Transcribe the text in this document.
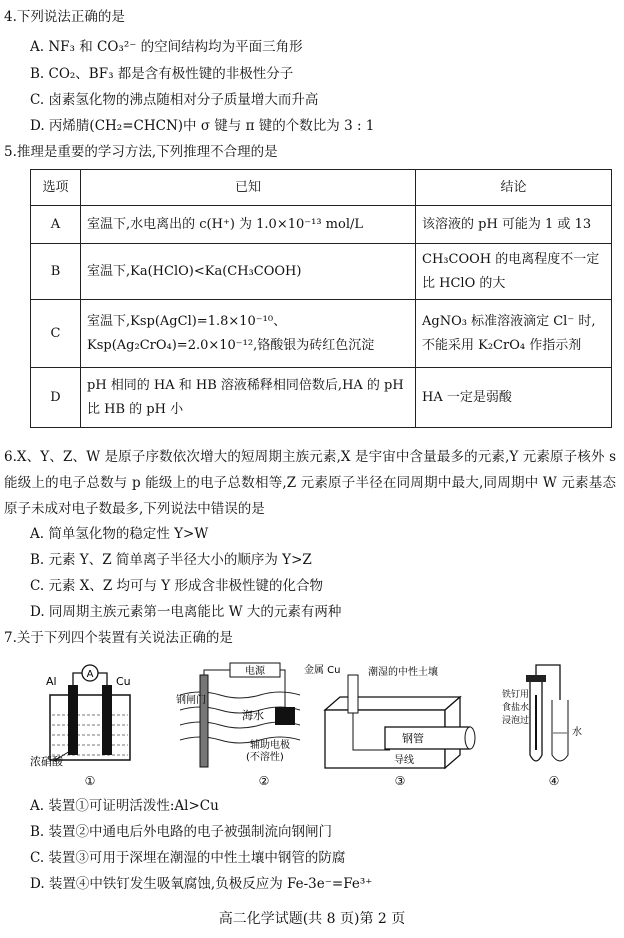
4.下列说法正确的是
A. NF₃ 和 CO₃²⁻ 的空间结构均为平面三角形
B. CO₂、BF₃ 都是含有极性键的非极性分子
C. 卤素氢化物的沸点随相对分子质量增大而升高
D. 丙烯腈(CH₂=CHCN)中 σ 键与 π 键的个数比为 3 : 1
5.推理是重要的学习方法,下列推理不合理的是
选项	已知	结论
A	室温下,水电离出的 c(H⁺) 为 1.0×10⁻¹³ mol/L	该溶液的 pH 可能为 1 或 13
B	室温下,Ka(HClO)<Ka(CH₃COOH)	CH₃COOH 的电离程度不一定比 HClO 的大
C	室温下,Ksp(AgCl)=1.8×10⁻¹⁰、Ksp(Ag₂CrO₄)=2.0×10⁻¹²,铬酸银为砖红色沉淀	AgNO₃ 标准溶液滴定 Cl⁻ 时,不能采用 K₂CrO₄ 作指示剂
D	pH 相同的 HA 和 HB 溶液稀释相同倍数后,HA 的 pH 比 HB 的 pH 小	HA 一定是弱酸
6.X、Y、Z、W 是原子序数依次增大的短周期主族元素,X 是宇宙中含量最多的元素,Y 元素原子核外 s 能级上的电子总数与 p 能级上的电子总数相等,Z 元素原子半径在同周期中最大,同周期中 W 元素基态原子未成对电子数最多,下列说法中错误的是
A. 简单氢化物的稳定性 Y>W
B. 元素 Y、Z 简单离子半径大小的顺序为 Y>Z
C. 元素 X、Z 均可与 Y 形成含非极性键的化合物
D. 同周期主族元素第一电离能比 W 大的元素有两种
7.关于下列四个装置有关说法正确的是
A
Al	Cu
浓硝酸
①
电源
钢闸门
海水
辅助电极
(不溶性)
②
金属 Cu	潮湿的中性土壤
钢管
导线
③
铁钉用
食盐水
浸泡过
水
④
A. 装置①可证明活泼性:Al>Cu
B. 装置②中通电后外电路的电子被强制流向钢闸门
C. 装置③可用于深埋在潮湿的中性土壤中钢管的防腐
D. 装置④中铁钉发生吸氧腐蚀,负极反应为 Fe-3e⁻=Fe³⁺
高二化学试题(共 8 页)第 2 页
